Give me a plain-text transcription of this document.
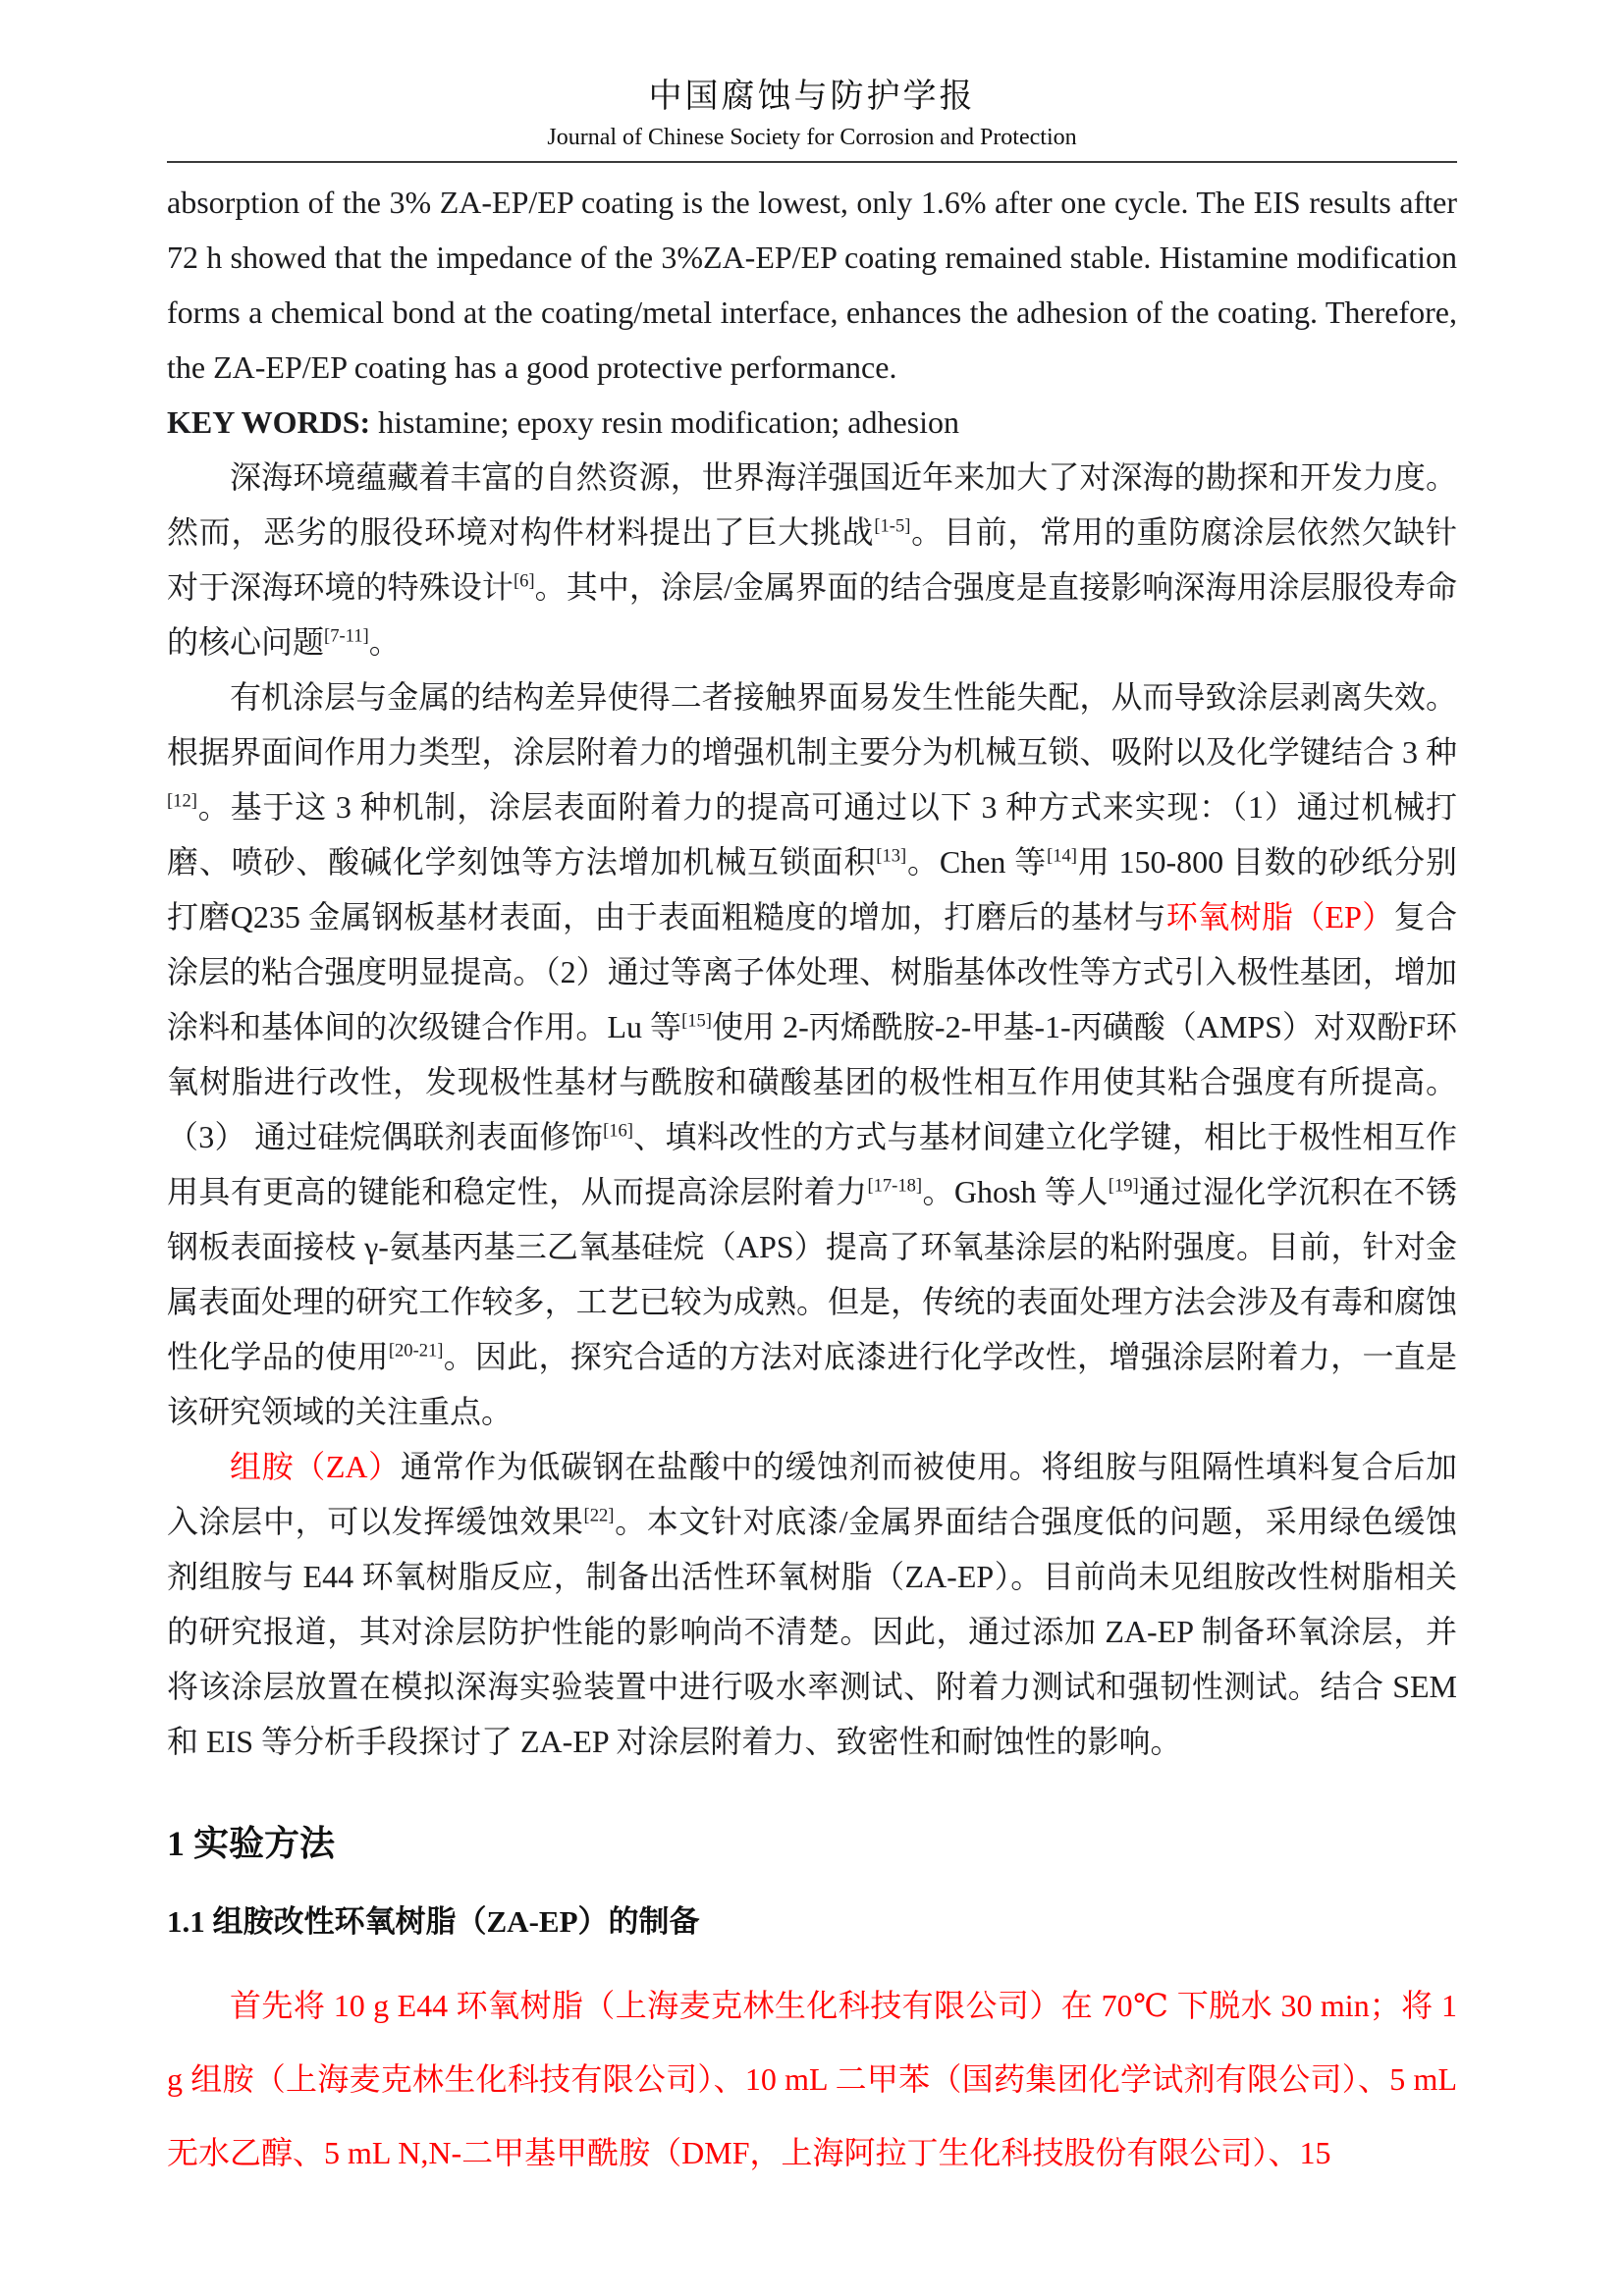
中国腐蚀与防护学报
Journal of Chinese Society for Corrosion and Protection

absorption of the 3% ZA-EP/EP coating is the lowest, only 1.6% after one cycle. The EIS results after 72 h showed that the impedance of the 3%ZA-EP/EP coating remained stable. Histamine modification forms a chemical bond at the coating/metal interface, enhances the adhesion of the coating. Therefore, the ZA-EP/EP coating has a good protective performance.

KEY WORDS: histamine; epoxy resin modification; adhesion

深海环境蕴藏着丰富的自然资源，世界海洋强国近年来加大了对深海的勘探和开发力度。然而，恶劣的服役环境对构件材料提出了巨大挑战[1-5]。目前，常用的重防腐涂层依然欠缺针对于深海环境的特殊设计[6]。其中，涂层/金属界面的结合强度是直接影响深海用涂层服役寿命的核心问题[7-11]。

有机涂层与金属的结构差异使得二者接触界面易发生性能失配，从而导致涂层剥离失效。根据界面间作用力类型，涂层附着力的增强机制主要分为机械互锁、吸附以及化学键结合 3 种[12]。基于这 3 种机制，涂层表面附着力的提高可通过以下 3 种方式来实现：（1）通过机械打磨、喷砂、酸碱化学刻蚀等方法增加机械互锁面积[13]。Chen 等[14]用 150-800 目数的砂纸分别打磨Q235 金属钢板基材表面，由于表面粗糙度的增加，打磨后的基材与环氧树脂（EP）复合涂层的粘合强度明显提高。（2）通过等离子体处理、树脂基体改性等方式引入极性基团，增加涂料和基体间的次级键合作用。Lu 等[15]使用 2-丙烯酰胺-2-甲基-1-丙磺酸（AMPS）对双酚F环氧树脂进行改性，发现极性基材与酰胺和磺酸基团的极性相互作用使其粘合强度有所提高。（3） 通过硅烷偶联剂表面修饰[16]、填料改性的方式与基材间建立化学键，相比于极性相互作用具有更高的键能和稳定性，从而提高涂层附着力[17-18]。Ghosh 等人[19]通过湿化学沉积在不锈钢板表面接枝 γ-氨基丙基三乙氧基硅烷（APS）提高了环氧基涂层的粘附强度。目前，针对金属表面处理的研究工作较多，工艺已较为成熟。但是，传统的表面处理方法会涉及有毒和腐蚀性化学品的使用[20-21]。因此，探究合适的方法对底漆进行化学改性，增强涂层附着力，一直是该研究领域的关注重点。

组胺（ZA）通常作为低碳钢在盐酸中的缓蚀剂而被使用。将组胺与阻隔性填料复合后加入涂层中，可以发挥缓蚀效果[22]。本文针对底漆/金属界面结合强度低的问题，采用绿色缓蚀剂组胺与 E44 环氧树脂反应，制备出活性环氧树脂（ZA-EP）。目前尚未见组胺改性树脂相关的研究报道，其对涂层防护性能的影响尚不清楚。因此，通过添加 ZA-EP 制备环氧涂层，并将该涂层放置在模拟深海实验装置中进行吸水率测试、附着力测试和强韧性测试。结合 SEM 和 EIS 等分析手段探讨了 ZA-EP 对涂层附着力、致密性和耐蚀性的影响。

1 实验方法
1.1 组胺改性环氧树脂（ZA-EP）的制备

首先将 10 g E44 环氧树脂（上海麦克林生化科技有限公司）在 70℃ 下脱水 30 min；将 1 g 组胺（上海麦克林生化科技有限公司）、10 mL 二甲苯（国药集团化学试剂有限公司）、5 mL 无水乙醇、5 mL N,N-二甲基甲酰胺（DMF，上海阿拉丁生化科技股份有限公司）、15
